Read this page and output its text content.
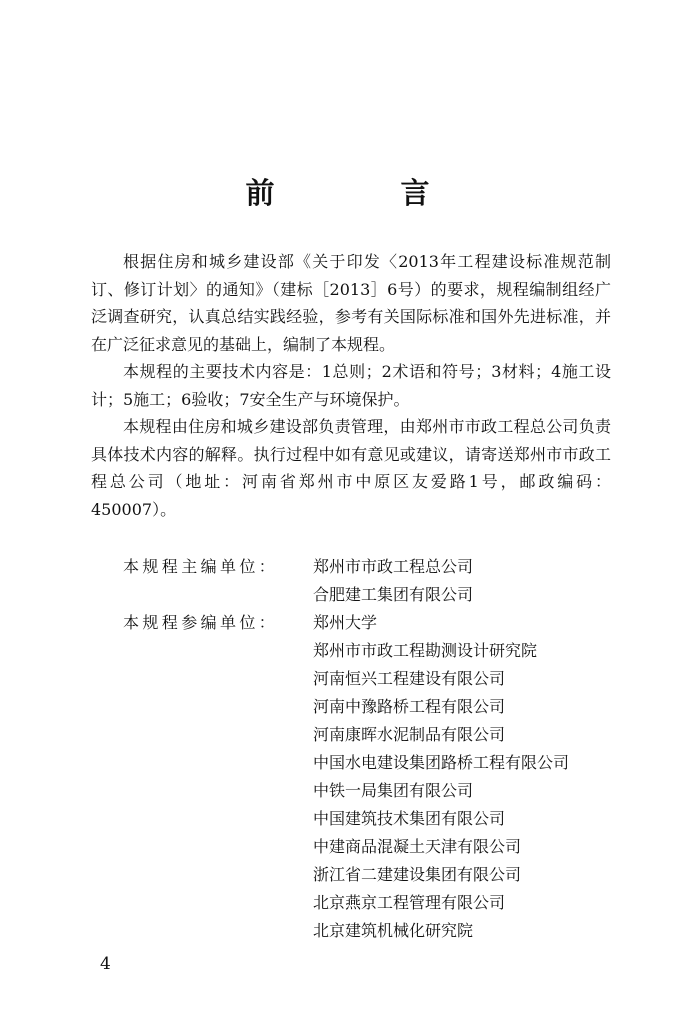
前 言

根据住房和城乡建设部《关于印发〈2013年工程建设标准规范制订、修订计划〉的通知》（建标［2013］6号）的要求，规程编制组经广泛调查研究，认真总结实践经验，参考有关国际标准和国外先进标准，并在广泛征求意见的基础上，编制了本规程。

本规程的主要技术内容是：1总则；2术语和符号；3材料；4施工设计；5施工；6验收；7安全生产与环境保护。

本规程由住房和城乡建设部负责管理，由郑州市市政工程总公司负责具体技术内容的解释。执行过程中如有意见或建议，请寄送郑州市市政工程总公司（地址：河南省郑州市中原区友爱路1号，邮政编码：450007）。

本规程主编单位：	郑州市市政工程总公司
合肥建工集团有限公司
本规程参编单位：	郑州大学
郑州市市政工程勘测设计研究院
河南恒兴工程建设有限公司
河南中豫路桥工程有限公司
河南康晖水泥制品有限公司
中国水电建设集团路桥工程有限公司
中铁一局集团有限公司
中国建筑技术集团有限公司
中建商品混凝土天津有限公司
浙江省二建建设集团有限公司
北京燕京工程管理有限公司
北京建筑机械化研究院
4
